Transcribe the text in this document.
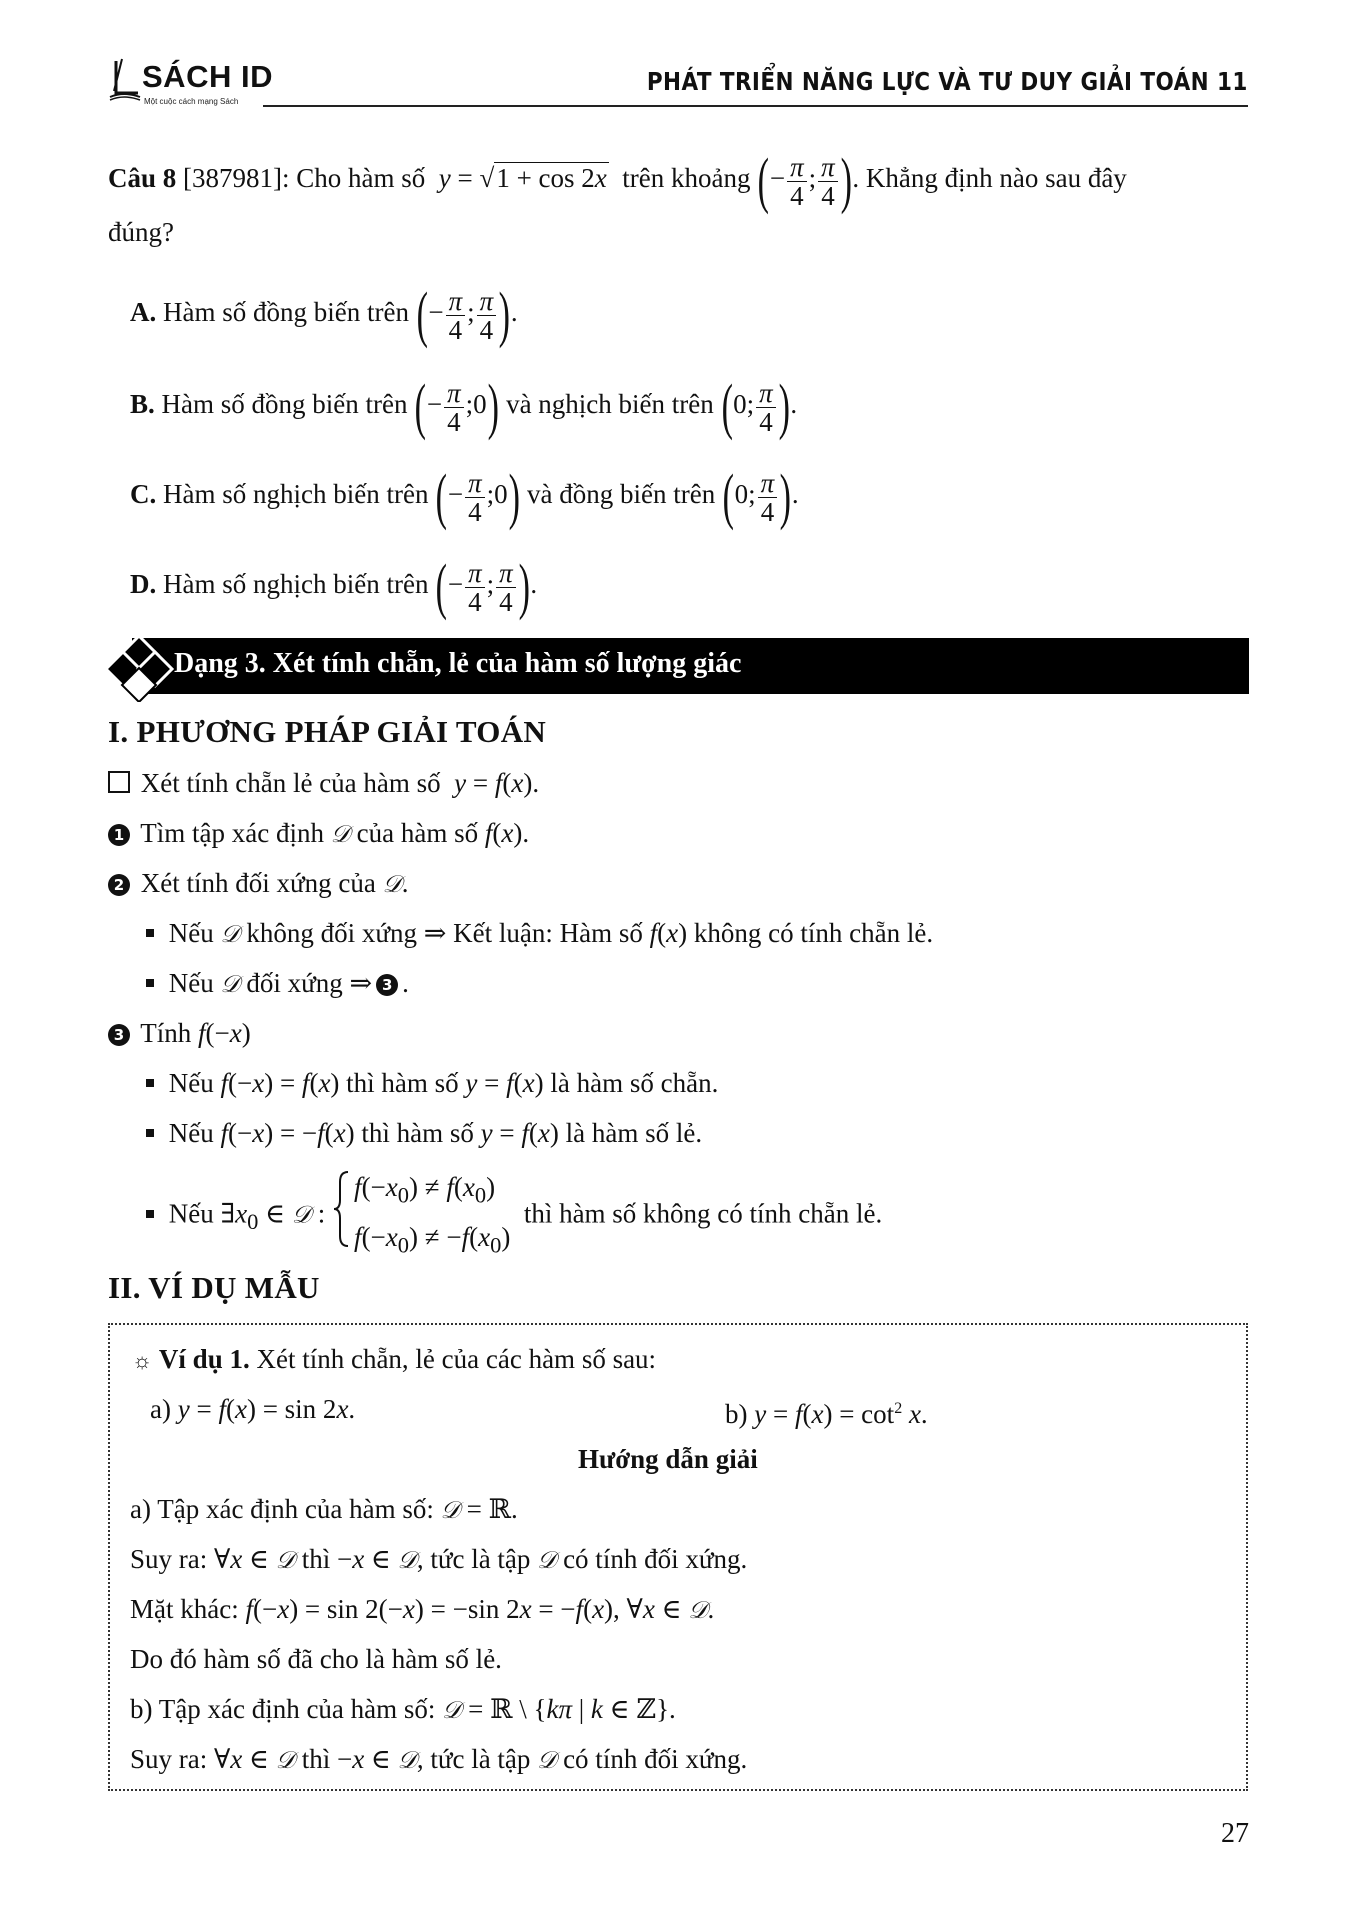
SÁCH ID
Một cuộc cách mạng Sách
PHÁT TRIỂN NĂNG LỰC VÀ TƯ DUY GIẢI TOÁN 11
Câu 8 [387981]: Cho hàm số y = √1 + cos 2x trên khoảng (− $\frac{\pi}{4}$ ; $\frac{\pi}{4}$ ). Khẳng định nào sau đây
đúng?
A. Hàm số đồng biến trên (− $\frac{\pi}{4}$ ; $\frac{\pi}{4}$ ).
B. Hàm số đồng biến trên (− $\frac{\pi}{4}$ ;0) và nghịch biến trên (0; $\frac{\pi}{4}$ ).
C. Hàm số nghịch biến trên (− $\frac{\pi}{4}$ ;0) và đồng biến trên (0; $\frac{\pi}{4}$ ).
D. Hàm số nghịch biến trên (− $\frac{\pi}{4}$ ; $\frac{\pi}{4}$ ).
Dạng 3. Xét tính chẵn, lẻ của hàm số lượng giác
I. PHƯƠNG PHÁP GIẢI TOÁN
Xét tính chẵn lẻ của hàm số y = f(x).
1 Tìm tập xác định 𝒟 của hàm số f(x).
2 Xét tính đối xứng của 𝒟.
Nếu 𝒟 không đối xứng ⇒ Kết luận: Hàm số f(x) không có tính chẵn lẻ.
Nếu 𝒟 đối xứng ⇒ 3 .
3 Tính f(−x)
Nếu f(−x) = f(x) thì hàm số y = f(x) là hàm số chẵn.
Nếu f(−x) = −f(x) thì hàm số y = f(x) là hàm số lẻ.
Nếu $\exists x_0$ ∈ 𝒟 :
$f(-x_0) \ne f(x_0)$
$f(-x_0) \ne -f(x_0)$
thì hàm số không có tính chẵn lẻ.
II. VÍ DỤ MẪU
☼ Ví dụ 1. Xét tính chẵn, lẻ của các hàm số sau:
a) y = f(x) = sin 2x.	b) $y = f(x) = \cot^2 x$.
Hướng dẫn giải
a) Tập xác định của hàm số: 𝒟 = ℝ.
Suy ra: ∀x ∈ 𝒟 thì −x ∈ 𝒟, tức là tập 𝒟 có tính đối xứng.
Mặt khác: f(−x) = sin 2(−x) = −sin 2x = −f(x), ∀x ∈ 𝒟.
Do đó hàm số đã cho là hàm số lẻ.
b) Tập xác định của hàm số: 𝒟 = ℝ \ {kπ | k ∈ ℤ}.
Suy ra: ∀x ∈ 𝒟 thì −x ∈ 𝒟, tức là tập 𝒟 có tính đối xứng.
27
